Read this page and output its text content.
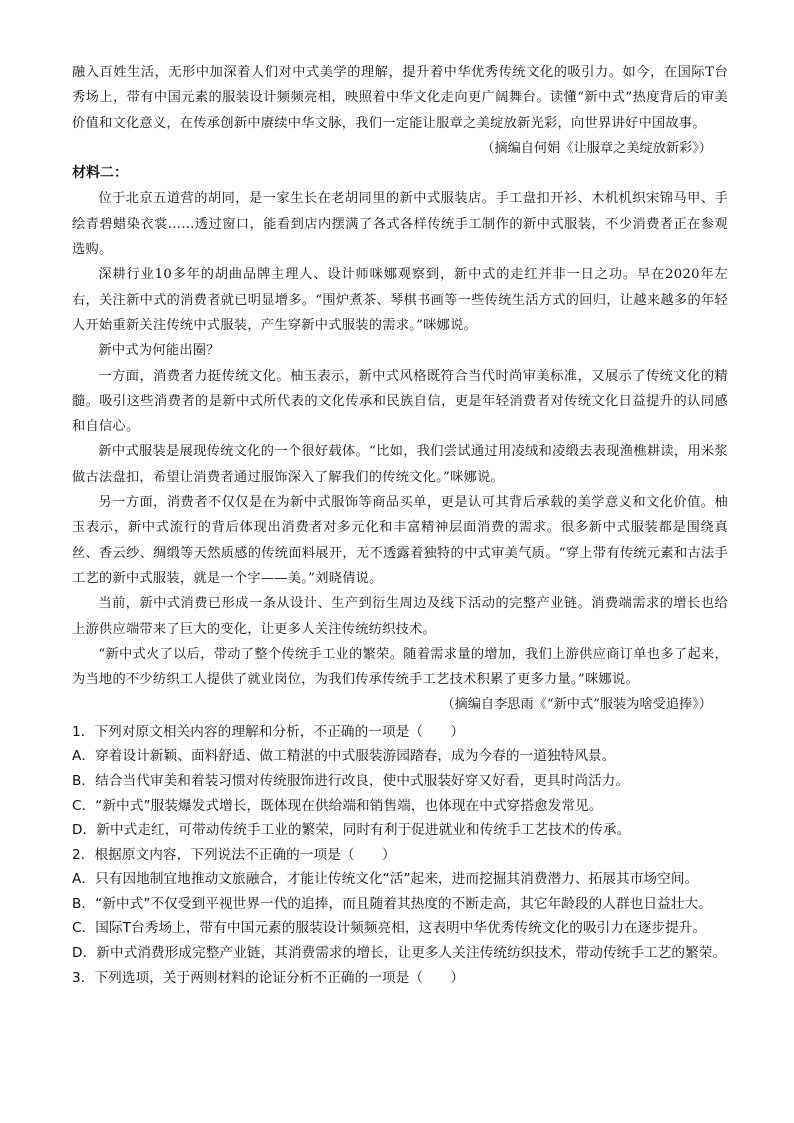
融入百姓生活，无形中加深着人们对中式美学的理解，提升着中华优秀传统文化的吸引力。如今，在国际T台秀场上，带有中国元素的服装设计频频亮相，映照着中华文化走向更广阔舞台。读懂“新中式”热度背后的审美价值和文化意义，在传承创新中赓续中华文脉，我们一定能让服章之美绽放新光彩，向世界讲好中国故事。

（摘编自何娟《让服章之美绽放新彩》）

材料二：

位于北京五道营的胡同，是一家生长在老胡同里的新中式服装店。手工盘扣开衫、木机机织宋锦马甲、手绘青碧蜡染衣裳……透过窗口，能看到店内摆满了各式各样传统手工制作的新中式服装，不少消费者正在参观选购。

深耕行业10多年的胡曲品牌主理人、设计师咪娜观察到，新中式的走红并非一日之功。早在2020年左右，关注新中式的消费者就已明显增多。“围炉煮茶、琴棋书画等一些传统生活方式的回归，让越来越多的年轻人开始重新关注传统中式服装，产生穿新中式服装的需求。”咪娜说。

新中式为何能出圈？

一方面，消费者力挺传统文化。柚玉表示，新中式风格既符合当代时尚审美标准，又展示了传统文化的精髓。吸引这些消费者的是新中式所代表的文化传承和民族自信，更是年轻消费者对传统文化日益提升的认同感和自信心。

新中式服装是展现传统文化的一个很好载体。“比如，我们尝试通过用凌绒和凌缎去表现渔樵耕读，用米浆做古法盘扣，希望让消费者通过服饰深入了解我们的传统文化。”咪娜说。

另一方面，消费者不仅仅是在为新中式服饰等商品买单，更是认可其背后承载的美学意义和文化价值。柚玉表示，新中式流行的背后体现出消费者对多元化和丰富精神层面消费的需求。很多新中式服装都是围绕真丝、香云纱、绸缎等天然质感的传统面料展开，无不透露着独特的中式审美气质。“穿上带有传统元素和古法手工艺的新中式服装，就是一个字——美。”刘晓倩说。

当前，新中式消费已形成一条从设计、生产到衍生周边及线下活动的完整产业链。消费端需求的增长也给上游供应端带来了巨大的变化，让更多人关注传统纺织技术。

“新中式火了以后，带动了整个传统手工业的繁荣。随着需求量的增加，我们上游供应商订单也多了起来，为当地的不少纺织工人提供了就业岗位，为我们传承传统手工艺技术积累了更多力量。”咪娜说。

（摘编自李思雨《“新中式”服装为啥受追捧》）

1．下列对原文相关内容的理解和分析，不正确的一项是（　　）

A．穿着设计新颖、面料舒适、做工精湛的中式服装游园踏春，成为今春的一道独特风景。

B．结合当代审美和着装习惯对传统服饰进行改良，使中式服装好穿又好看，更具时尚活力。

C．“新中式”服装爆发式增长，既体现在供给端和销售端，也体现在中式穿搭愈发常见。

D．新中式走红，可带动传统手工业的繁荣，同时有利于促进就业和传统手工艺技术的传承。

2．根据原文内容，下列说法不正确的一项是（　　）

A．只有因地制宜地推动文旅融合，才能让传统文化“活”起来，进而挖掘其消费潜力、拓展其市场空间。

B．“新中式”不仅受到平视世界一代的追捧，而且随着其热度的不断走高，其它年龄段的人群也日益壮大。

C．国际T台秀场上，带有中国元素的服装设计频频亮相，这表明中华优秀传统文化的吸引力在逐步提升。

D．新中式消费形成完整产业链，其消费需求的增长，让更多人关注传统纺织技术，带动传统手工艺的繁荣。

3．下列选项，关于两则材料的论证分析不正确的一项是（　　）
